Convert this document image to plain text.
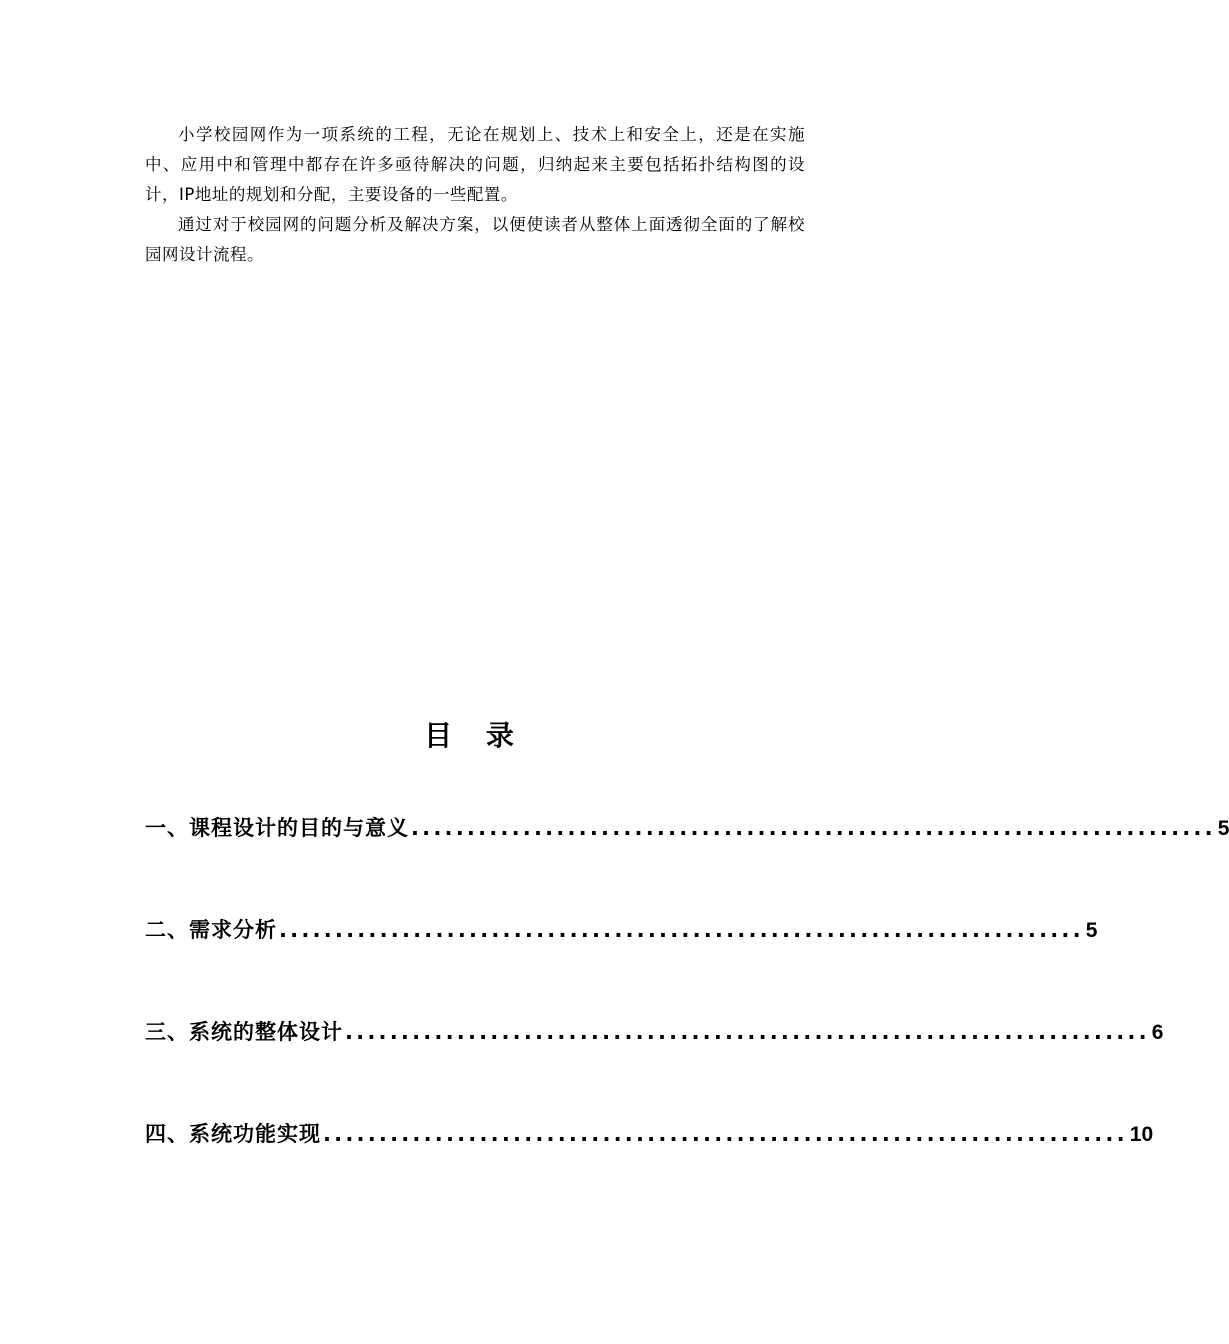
小学校园网作为一项系统的工程，无论在规划上、技术上和安全上，还是在实施中、应用中和管理中都存在许多亟待解决的问题，归纳起来主要包括拓扑结构图的设计，IP地址的规划和分配，主要设备的一些配置。

通过对于校园网的问题分析及解决方案，以便使读者从整体上面透彻全面的了解校园网设计流程。

目 录
一、课程设计的目的与意义 ........................................................................ 5
二、需求分析 ........................................................................ 5
三、系统的整体设计 ........................................................................ 6
四、系统功能实现 ........................................................................ 10
